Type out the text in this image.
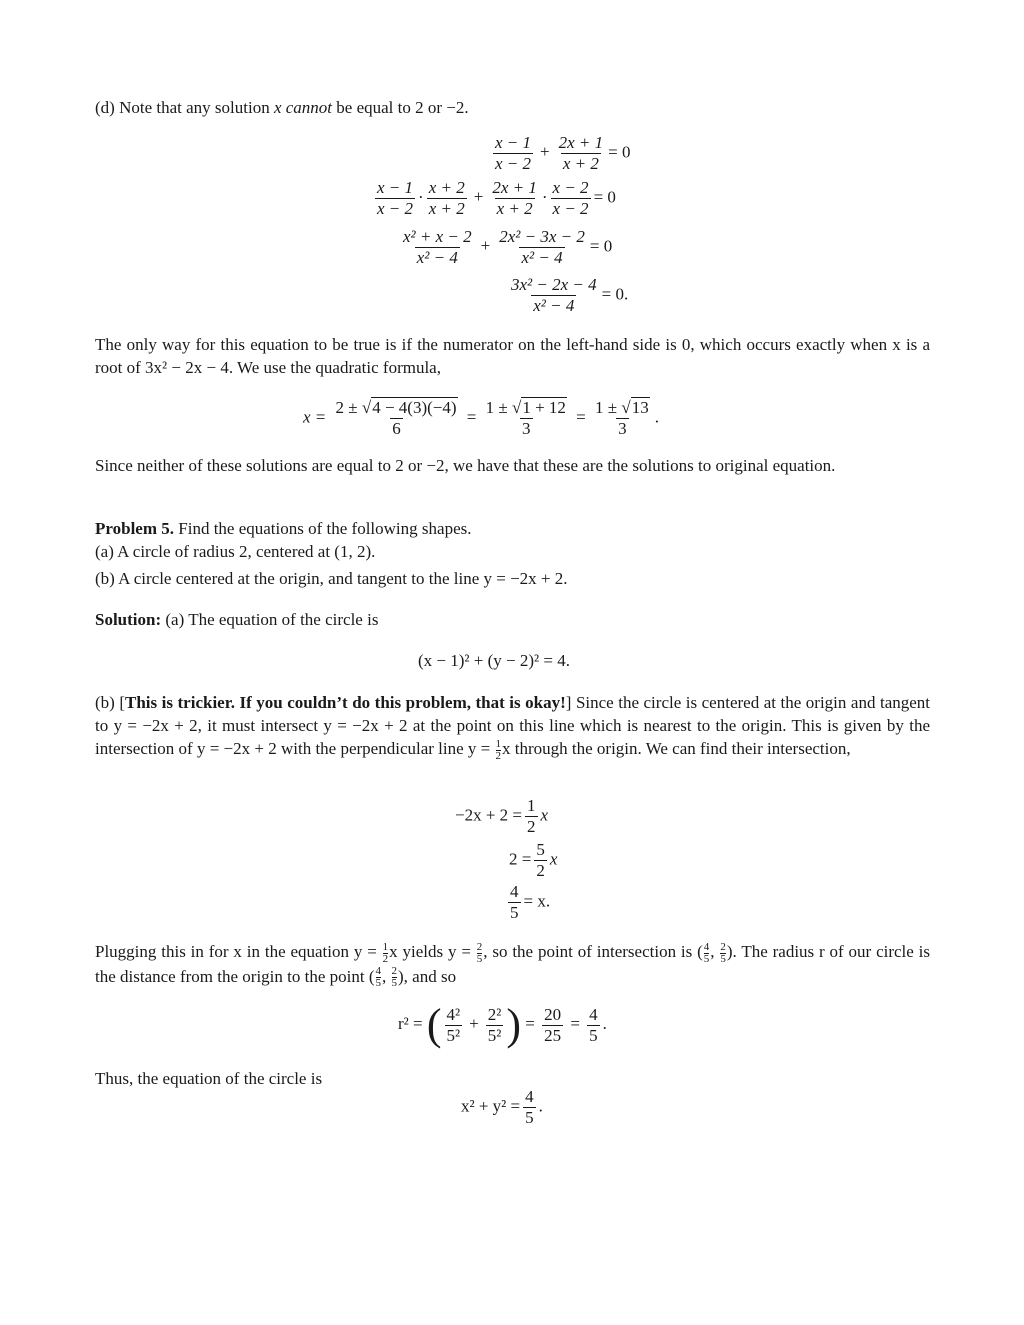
(d) Note that any solution x cannot be equal to 2 or −2.
$\frac{x - 1}{x - 2} + \frac{2x + 1}{x + 2} = 0$
$\frac{x - 1}{x - 2} \cdot \frac{x + 2}{x + 2} + \frac{2x + 1}{x + 2} \cdot \frac{x - 2}{x - 2} = 0$
$\frac{\text{x² + x − 2}}{\text{x² − 4}} + \frac{\text{2x² − 3x − 2}}{\text{x² − 4}} = 0$
$\frac{\text{3x² − 2x − 4}}{\text{x² − 4}} = 0$.
The only way for this equation to be true is if the numerator on the left-hand side is 0, which occurs exactly when x is a root of 3x² − 2x − 4. We use the quadratic formula,
$x = \frac{2 \pm √4 - 4(3)(-4)}{6} = \frac{1 \pm √1 + 12}{3} = \frac{1 \pm √13}{3}$ .
Since neither of these solutions are equal to 2 or −2, we have that these are the solutions to original equation.
Problem 5. Find the equations of the following shapes.
(a) A circle of radius 2, centered at (1, 2).
(b) A circle centered at the origin, and tangent to the line y = −2x + 2.
Solution: (a) The equation of the circle is
(x − 1)² + (y − 2)² = 4.
(b) [This is trickier. If you couldn’t do this problem, that is okay!] Since the circle is centered at the origin and tangent to y = −2x + 2, it must intersect y = −2x + 2 at the point on this line which is nearest to the origin. This is given by the intersection of y = −2x + 2 with the perpendicular line $y = \frac{1}{2}$ x through the origin. We can find their intersection,
$-2x + 2 = \frac{1}{2}$ x
$2 = \frac{5}{2}$ x
$\frac{4}{5} = x$.
Plugging this in for x in the equation $y = \frac{1}{2}$ x yields $y = \frac{2}{5}$ , so the point of intersection is ( $\frac{4}{5}$ , $\frac{2}{5}$ ). The radius r of our circle is the distance from the origin to the point ( $\frac{4}{5}$ , $\frac{2}{5}$ ), and so
r² = ( $\frac{\text{4²}}{\text{5²}} + \frac{\text{2²}}{\text{5²}}$ ) = $\frac{20}{25} = \frac{4}{5}$ .
Thus, the equation of the circle is
$x^2 + y^2 = \frac{4}{5}$ .
